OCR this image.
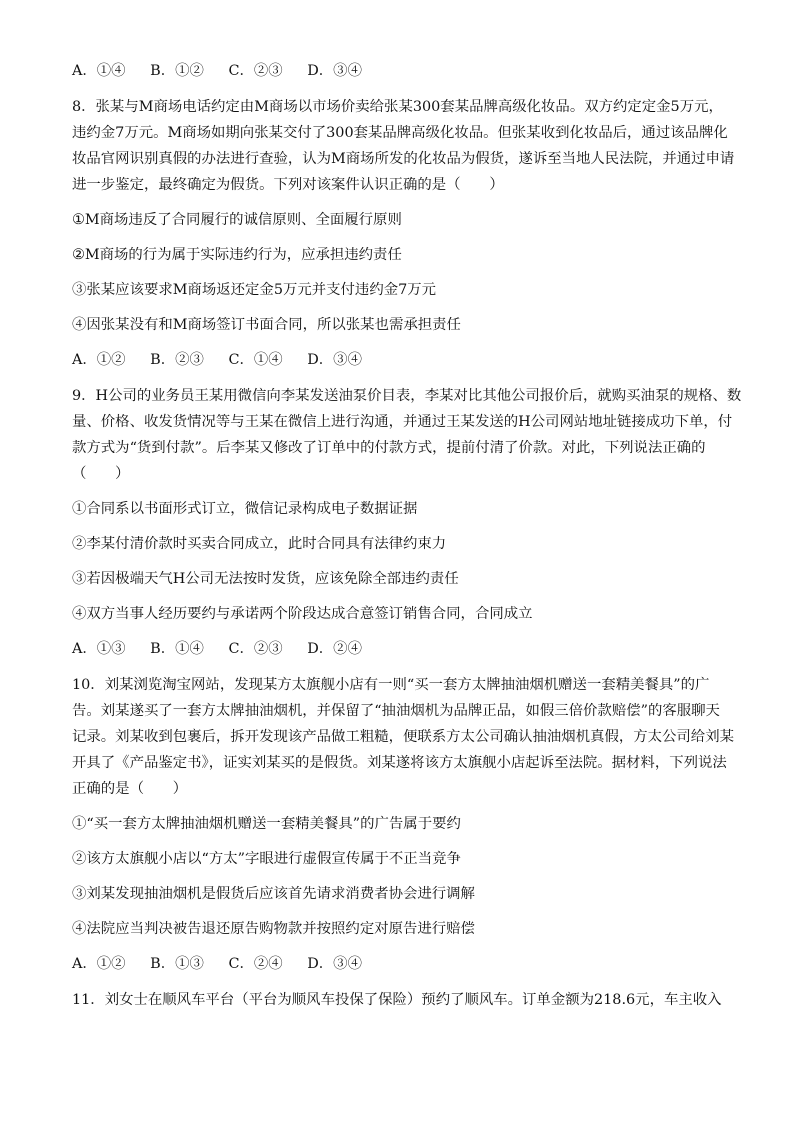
A．①④ B．①② C．②③ D．③④

8．张某与M商场电话约定由M商场以市场价卖给张某300套某品牌高级化妆品。双方约定定金5万元，

违约金7万元。M商场如期向张某交付了300套某品牌高级化妆品。但张某收到化妆品后，通过该品牌化

妆品官网识别真假的办法进行查验，认为M商场所发的化妆品为假货，遂诉至当地人民法院，并通过申请

进一步鉴定，最终确定为假货。下列对该案件认识正确的是（　　）

①M商场违反了合同履行的诚信原则、全面履行原则

②M商场的行为属于实际违约行为，应承担违约责任

③张某应该要求M商场返还定金5万元并支付违约金7万元

④因张某没有和M商场签订书面合同，所以张某也需承担责任

A．①② B．②③ C．①④ D．③④

9．H公司的业务员王某用微信向李某发送油泵价目表，李某对比其他公司报价后，就购买油泵的规格、数

量、价格、收发货情况等与王某在微信上进行沟通，并通过王某发送的H公司网站地址链接成功下单，付

款方式为“货到付款”。后李某又修改了订单中的付款方式，提前付清了价款。对此，下列说法正确的

（　　）

①合同系以书面形式订立，微信记录构成电子数据证据

②李某付清价款时买卖合同成立，此时合同具有法律约束力

③若因极端天气H公司无法按时发货，应该免除全部违约责任

④双方当事人经历要约与承诺两个阶段达成合意签订销售合同，合同成立

A．①③ B．①④ C．②③ D．②④

10．刘某浏览淘宝网站，发现某方太旗舰小店有一则“买一套方太牌抽油烟机赠送一套精美餐具”的广

告。刘某遂买了一套方太牌抽油烟机，并保留了“抽油烟机为品牌正品，如假三倍价款赔偿”的客服聊天

记录。刘某收到包裹后，拆开发现该产品做工粗糙，便联系方太公司确认抽油烟机真假，方太公司给刘某

开具了《产品鉴定书》，证实刘某买的是假货。刘某遂将该方太旗舰小店起诉至法院。据材料，下列说法

正确的是（　　）

①“买一套方太牌抽油烟机赠送一套精美餐具”的广告属于要约

②该方太旗舰小店以“方太”字眼进行虚假宣传属于不正当竞争

③刘某发现抽油烟机是假货后应该首先请求消费者协会进行调解

④法院应当判决被告退还原告购物款并按照约定对原告进行赔偿

A．①② B．①③ C．②④ D．③④

11．刘女士在顺风车平台（平台为顺风车投保了保险）预约了顺风车。订单金额为218.6元，车主收入
